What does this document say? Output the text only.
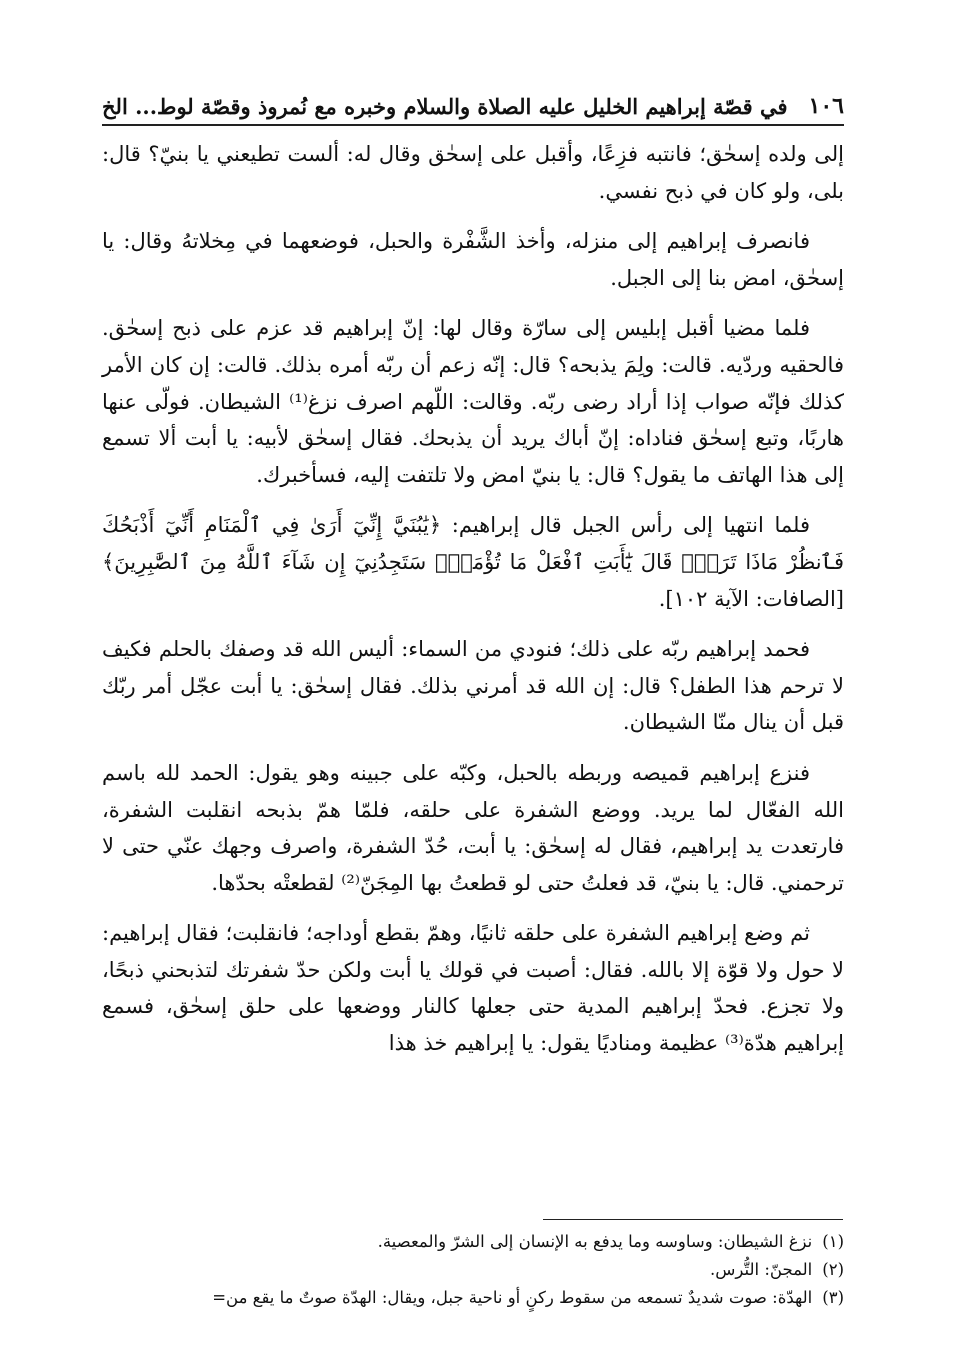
١٠٦
في قصّة إبراهيم الخليل عليه الصلاة والسلام وخبره مع نُمروذ وقصّة لوط... الخ

إلى ولده إسحٰق؛ فانتبه فزِعًا، وأقبل على إسحٰق وقال له: ألست تطيعني يا بنيّ؟ قال: بلى، ولو كان في ذبح نفسي.

فانصرف إبراهيم إلى منزله، وأخذ الشَّفْرة والحبل، فوضعهما في مِخلاتهُ وقال: يا إسحٰق، امض بنا إلى الجبل.

فلما مضيا أقبل إبليس إلى سارّة وقال لها: إنّ إبراهيم قد عزم على ذبح إسحٰق. فالحقيه وردّيه. قالت: ولِمَ يذبحه؟ قال: إنّه زعم أن ربّه أمره بذلك. قالت: إن كان الأمر كذلك فإنّه صواب إذا أراد رضى ربّه. وقالت: اللّهم اصرف نزغ⁽¹⁾ الشيطان. فولّى عنها هاربًا، وتبع إسحٰق فناداه: إنّ أباك يريد أن يذبحك. فقال إسحٰق لأبيه: يا أبت ألا تسمع إلى هذا الهاتف ما يقول؟ قال: يا بنيّ امض ولا تلتفت إليه، فسأخبرك.

فلما انتهيا إلى رأس الجبل قال إبراهيم: ﴿يَٰبُنَيَّ إِنِّيٓ أَرَىٰ فِي ٱلْمَنَامِ أَنِّيٓ أَذْبَحُكَ فَٱنظُرْ مَاذَا تَرَىٰۚ قَالَ يَٰٓأَبَتِ ٱفْعَلْ مَا تُؤْمَرُۖ سَتَجِدُنِيٓ إِن شَآءَ ٱللَّهُ مِنَ ٱلصَّٰبِرِينَ﴾ [الصافات: الآية ١٠٢].

فحمد إبراهيم ربّه على ذلك؛ فنودي من السماء: أليس الله قد وصفك بالحلم فكيف لا ترحم هذا الطفل؟ قال: إن الله قد أمرني بذلك. فقال إسحٰق: يا أبت عجّل أمر ربّك قبل أن ينال منّا الشيطان.

فنزع إبراهيم قميصه وربطه بالحبل، وكبّه على جبينه وهو يقول: الحمد لله باسم الله الفعّال لما يريد. ووضع الشفرة على حلقه، فلمّا همّ بذبحه انقلبت الشفرة، فارتعدت يد إبراهيم، فقال له إسحٰق: يا أبت، حُدّ الشفرة، واصرف وجهك عنّي حتى لا ترحمني. قال: يا بنيّ، قد فعلتُ حتى لو قطعتُ بها المِجَنّ⁽²⁾ لقطعتْه بحدّها.

ثم وضع إبراهيم الشفرة على حلقه ثانيًا، وهمّ بقطع أوداجه؛ فانقلبت؛ فقال إبراهيم: لا حول ولا قوّة إلا بالله. فقال: أصبت في قولك يا أبت ولكن حدّ شفرتك لتذبحني ذبحًا، ولا تجزع. فحدّ إبراهيم المدية حتى جعلها كالنار ووضعها على حلق إسحٰق، فسمع إبراهيم هدّة⁽³⁾ عظيمة ومناديًا يقول: يا إبراهيم خذ هذا

(١)نزغ الشيطان: وساوسه وما يدفع به الإنسان إلى الشرّ والمعصية.

(٢)المجنّ: التُّرس.

(٣)الهدّة: صوت شديدٌ تسمعه من سقوط ركنٍ أو ناحية جبل، ويقال: الهدّة صوتٌ ما يقع من=
